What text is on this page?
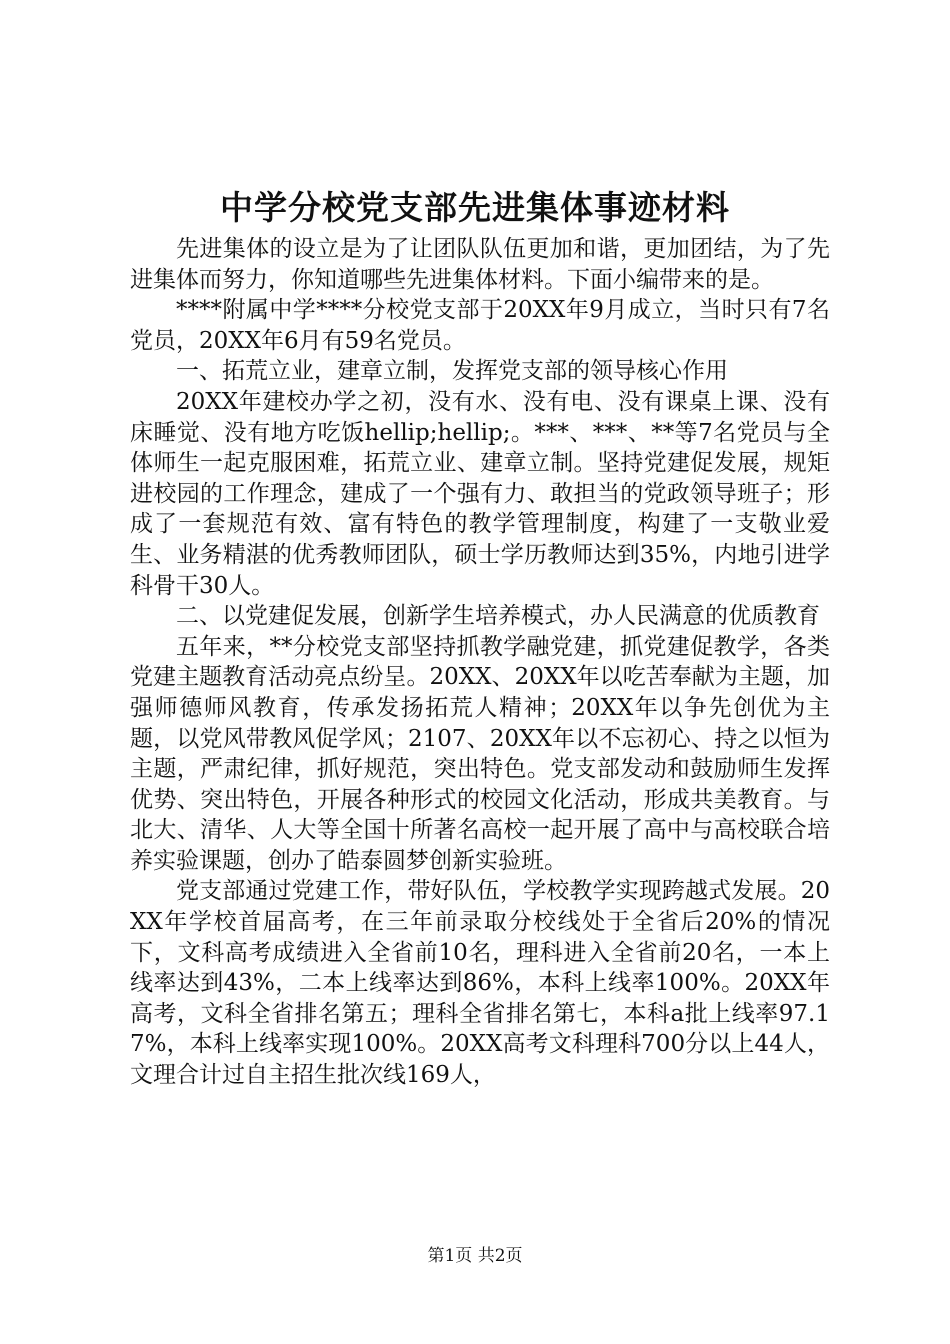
中学分校党支部先进集体事迹材料

先进集体的设立是为了让团队队伍更加和谐，更加团结，为了先进集体而努力，你知道哪些先进集体材料。下面小编带来的是。

****附属中学****分校党支部于20XX年9月成立，当时只有7名党员，20XX年6月有59名党员。

一、拓荒立业，建章立制，发挥党支部的领导核心作用

20XX年建校办学之初，没有水、没有电、没有课桌上课、没有床睡觉、没有地方吃饭hellip;hellip;。***、***、**等7名党员与全体师生一起克服困难，拓荒立业、建章立制。坚持党建促发展，规矩进校园的工作理念，建成了一个强有力、敢担当的党政领导班子；形成了一套规范有效、富有特色的教学管理制度，构建了一支敬业爱生、业务精湛的优秀教师团队，硕士学历教师达到35%，内地引进学科骨干30人。

二、以党建促发展，创新学生培养模式，办人民满意的优质教育

五年来，**分校党支部坚持抓教学融党建，抓党建促教学，各类党建主题教育活动亮点纷呈。20XX、20XX年以吃苦奉献为主题，加强师德师风教育，传承发扬拓荒人精神；20XX年以争先创优为主题，以党风带教风促学风；2107、20XX年以不忘初心、持之以恒为主题，严肃纪律，抓好规范，突出特色。党支部发动和鼓励师生发挥优势、突出特色，开展各种形式的校园文化活动，形成共美教育。与北大、清华、人大等全国十所著名高校一起开展了高中与高校联合培养实验课题，创办了皓泰圆梦创新实验班。

党支部通过党建工作，带好队伍，学校教学实现跨越式发展。20XX年学校首届高考，在三年前录取分校线处于全省后20%的情况下，文科高考成绩进入全省前10名，理科进入全省前20名，一本上线率达到43%，二本上线率达到86%，本科上线率100%。20XX年高考，文科全省排名第五；理科全省排名第七，本科a批上线率97.17%，本科上线率实现100%。20XX高考文科理科700分以上44人，文理合计过自主招生批次线169人，

第1页 共2页
